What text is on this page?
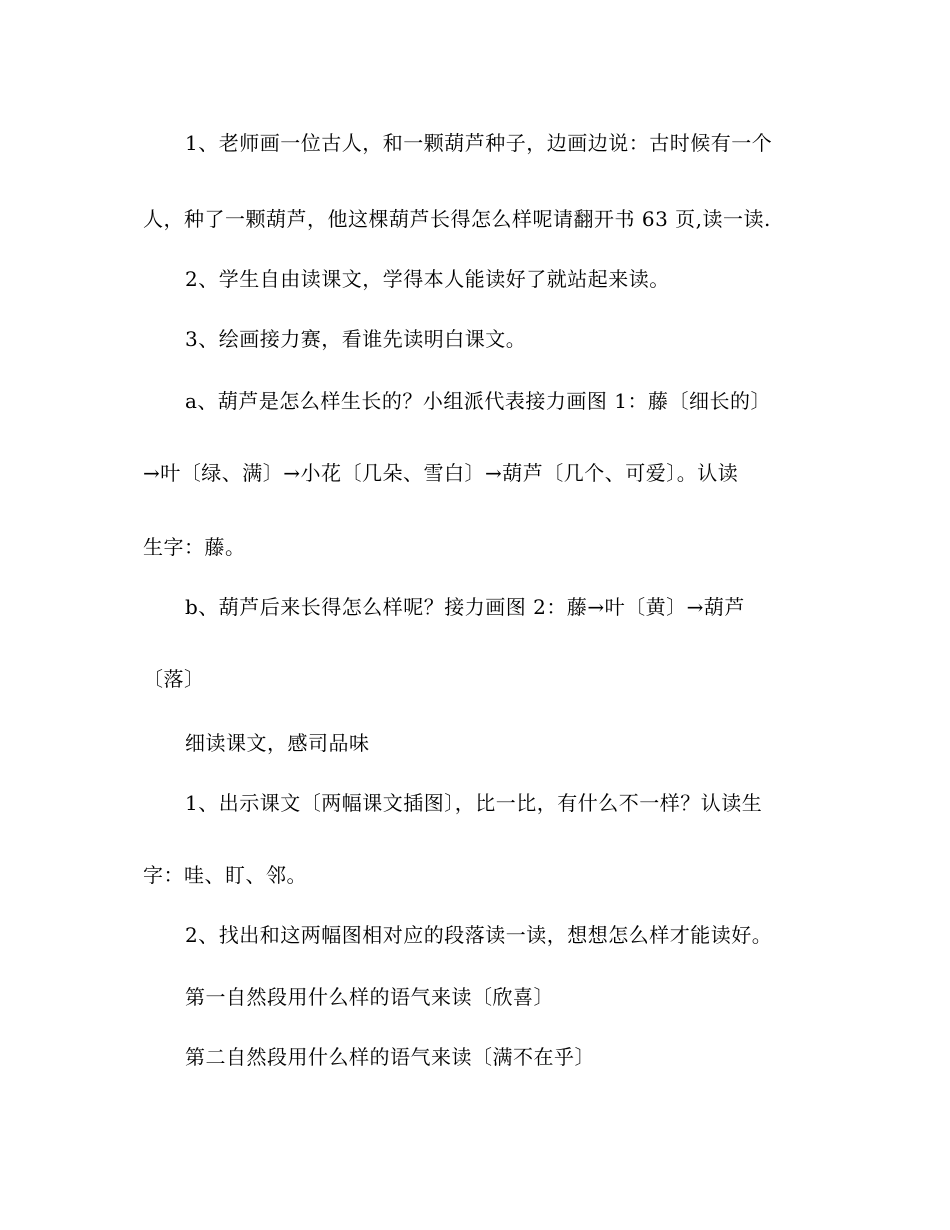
1、老师画一位古人，和一颗葫芦种子，边画边说：古时候有一个
人，种了一颗葫芦，他这棵葫芦长得怎么样呢请翻开书 63 页,读一读.
2、学生自由读课文，学得本人能读好了就站起来读。
3、绘画接力赛，看谁先读明白课文。
a、葫芦是怎么样生长的？小组派代表接力画图 1：藤〔细长的〕
→叶〔绿、满〕→小花〔几朵、雪白〕→葫芦〔几个、可爱〕。认读
生字：藤。
b、葫芦后来长得怎么样呢？接力画图 2：藤→叶〔黄〕→葫芦
〔落〕
细读课文，感司品味
1、出示课文〔两幅课文插图〕，比一比，有什么不一样？认读生
字：哇、盯、邻。
2、找出和这两幅图相对应的段落读一读，想想怎么样才能读好。
第一自然段用什么样的语气来读〔欣喜〕
第二自然段用什么样的语气来读〔满不在乎〕
